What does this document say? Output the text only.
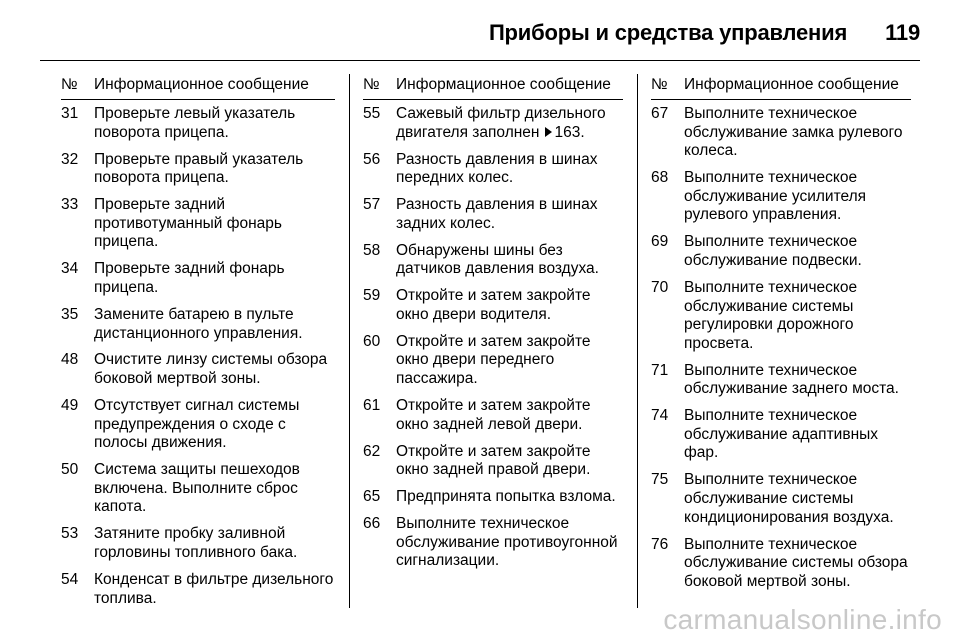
Приборы и средства управления 119
№	Информационное сообщение
31	Проверьте левый указатель поворота прицепа.
32	Проверьте правый указатель поворота прицепа.
33	Проверьте задний противотуманный фонарь прицепа.
34	Проверьте задний фонарь прицепа.
35	Замените батарею в пульте дистанционного управления.
48	Очистите линзу системы обзора боковой мертвой зоны.
49	Отсутствует сигнал системы предупреждения о сходе с полосы движения.
50	Система защиты пешеходов включена. Выполните сброс капота.
53	Затяните пробку заливной горловины топливного бака.
54	Конденсат в фильтре дизельного топлива.
№	Информационное сообщение
55	Сажевый фильтр дизельного двигателя заполнен 163.
56	Разность давления в шинах передних колес.
57	Разность давления в шинах задних колес.
58	Обнаружены шины без датчиков давления воздуха.
59	Откройте и затем закройте окно двери водителя.
60	Откройте и затем закройте окно двери переднего пассажира.
61	Откройте и затем закройте окно задней левой двери.
62	Откройте и затем закройте окно задней правой двери.
65	Предпринята попытка взлома.
66	Выполните техническое обслуживание противоугонной сигнализации.
№	Информационное сообщение
67	Выполните техническое обслуживание замка рулевого колеса.
68	Выполните техническое обслуживание усилителя рулевого управления.
69	Выполните техническое обслуживание подвески.
70	Выполните техническое обслуживание системы регулировки дорожного просвета.
71	Выполните техническое обслуживание заднего моста.
74	Выполните техническое обслуживание адаптивных фар.
75	Выполните техническое обслуживание системы кондиционирования воздуха.
76	Выполните техническое обслуживание системы обзора боковой мертвой зоны.
carmanualsonline.info
